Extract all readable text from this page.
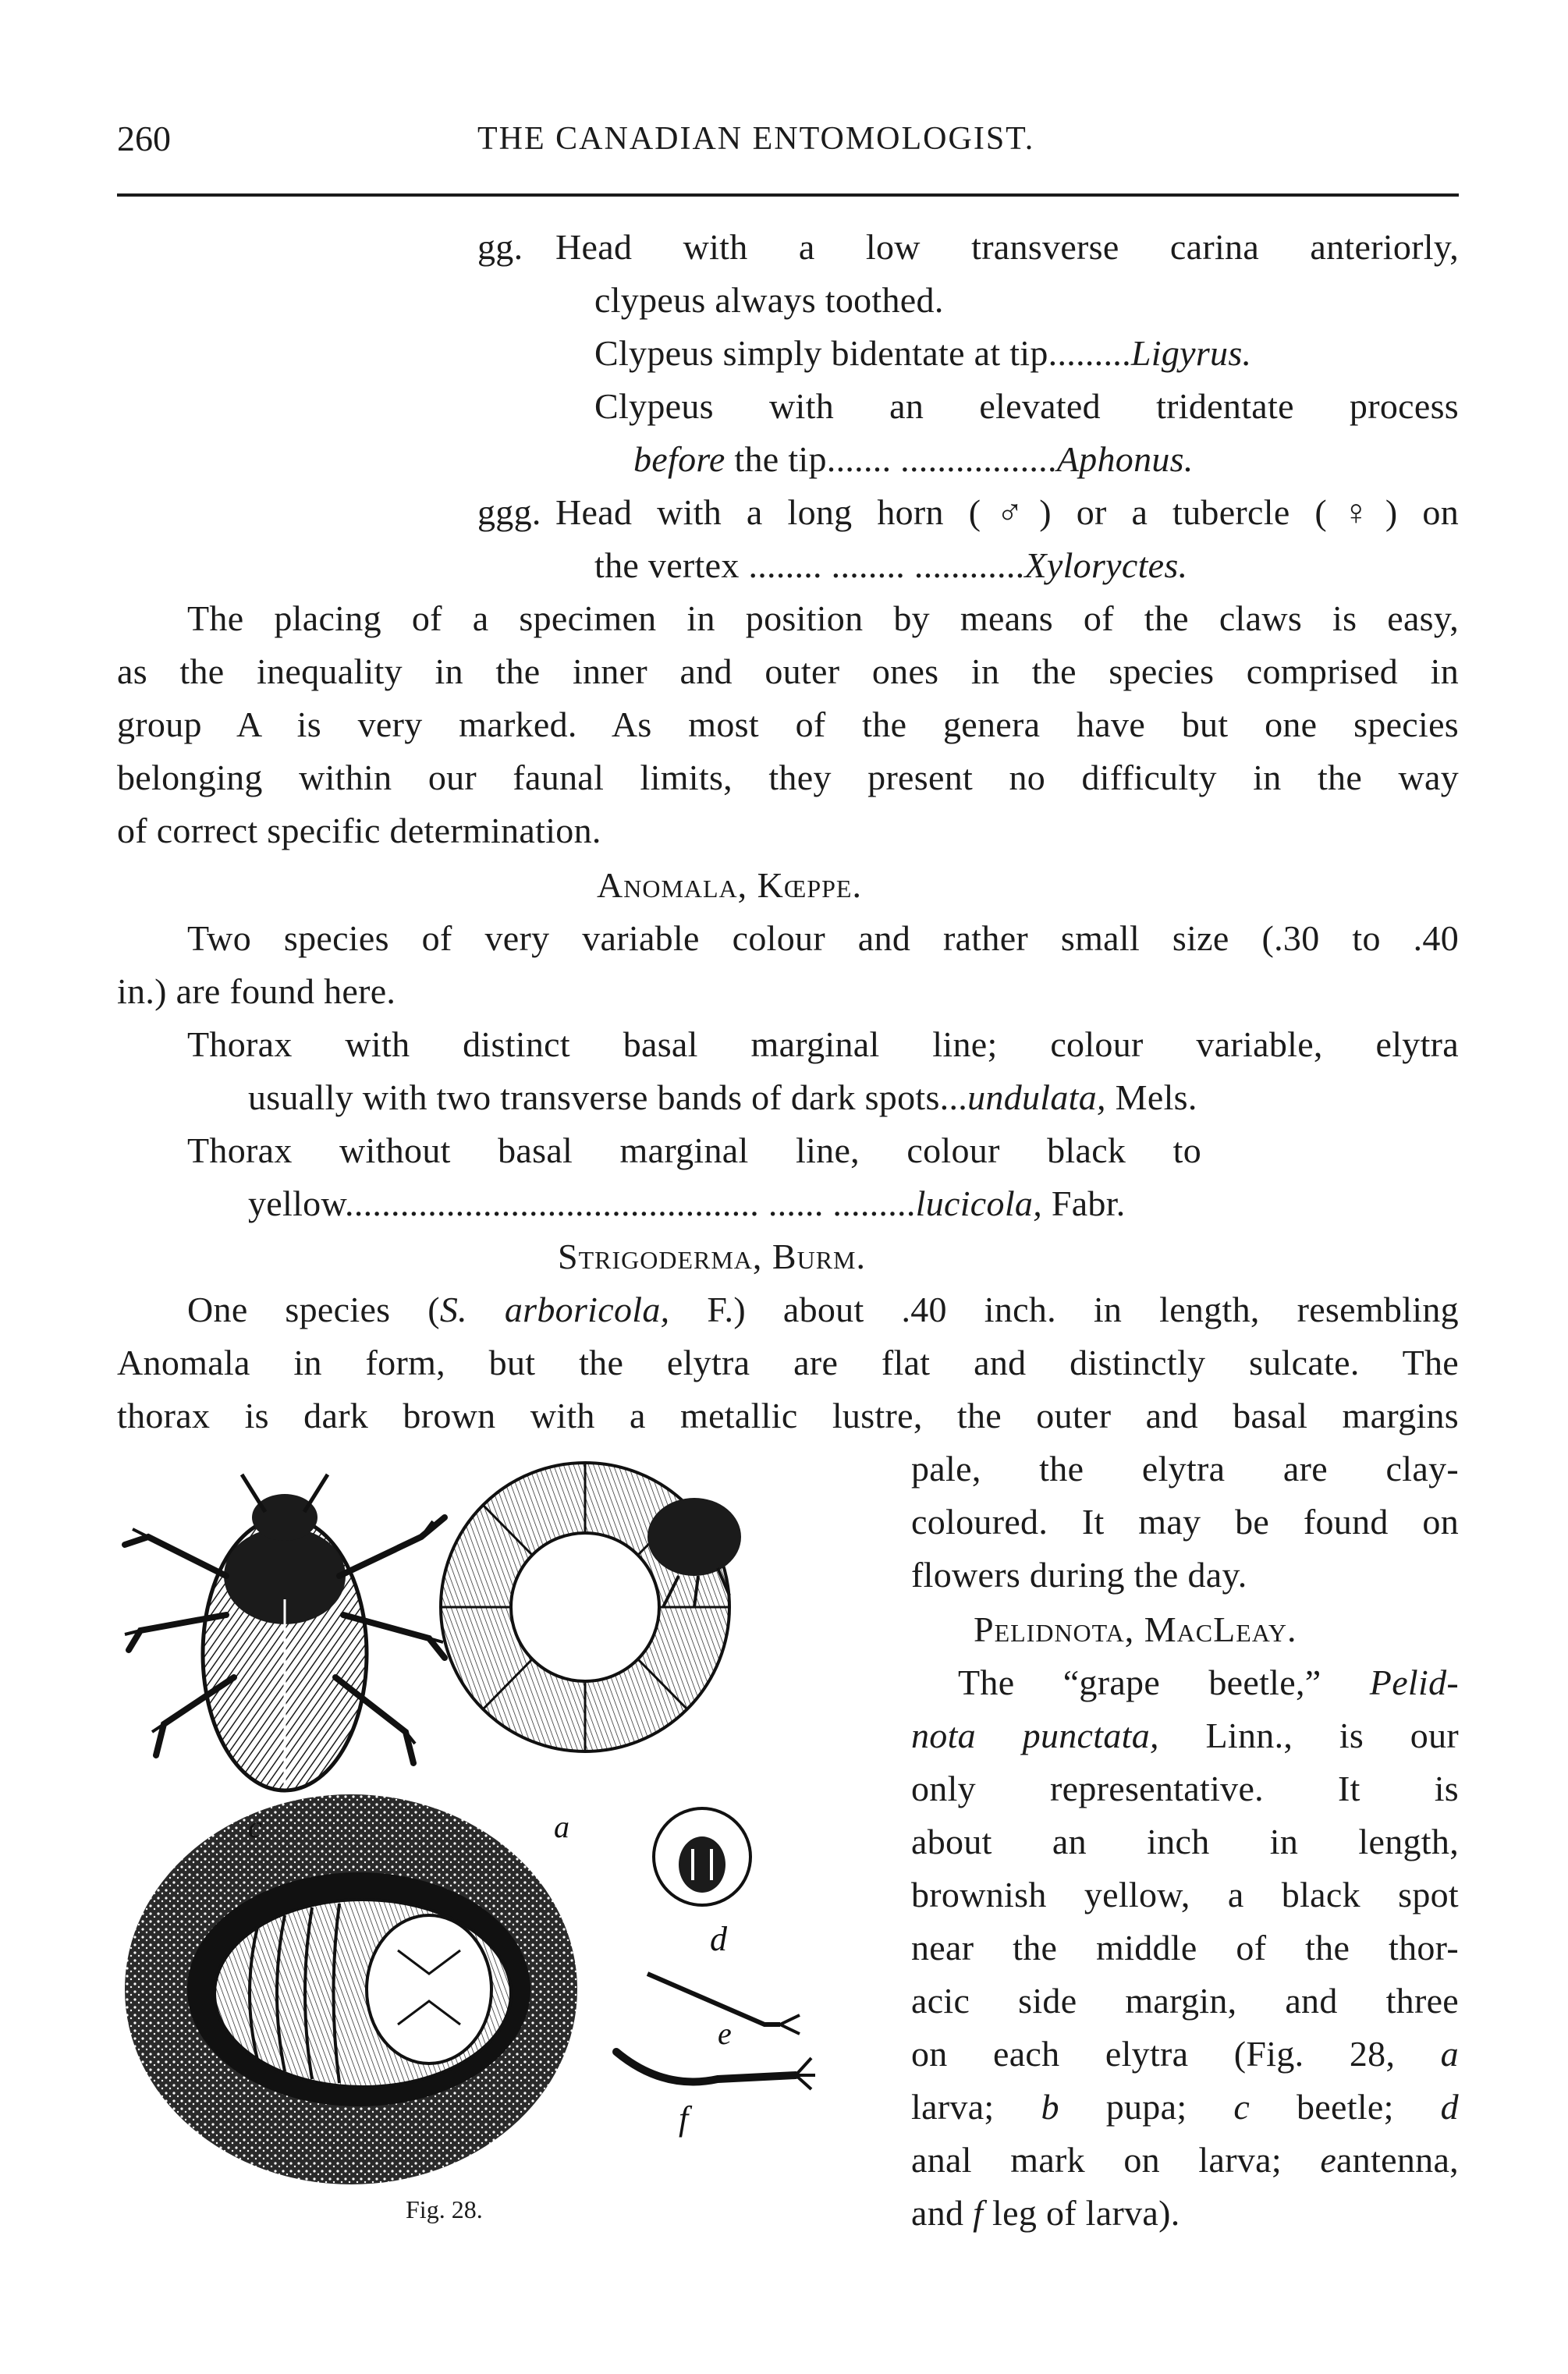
260	THE CANADIAN ENTOMOLOGIST.
gg. Head with a low transverse carina anteriorly,
clypeus always toothed.
Clypeus simply bidentate at tip.........Ligyrus.
Clypeus with an elevated tridentate process
before the tip....... .................Aphonus.
ggg. Head with a long horn (♂) or a tubercle (♀) on
the vertex ........ ........ ............Xyloryctes.
The placing of a specimen in position by means of the claws is easy,
as the inequality in the inner and outer ones in the species comprised in
group A is very marked. As most of the genera have but one species
belonging within our faunal limits, they present no difficulty in the way
of correct specific determination.
Anomala, Kœppe.
Two species of very variable colour and rather small size (.30 to .40
in.) are found here.
Thorax with distinct basal marginal line; colour variable, elytra
usually with two transverse bands of dark spots...undulata, Mels.
Thorax without basal marginal line, colour black to
yellow............................................. ...... .........lucicola, Fabr.
Strigoderma, Burm.
One species (S. arboricola, F.) about .40 inch. in length, resembling
Anomala in form, but the elytra are flat and distinctly sulcate. The
thorax is dark brown with a metallic lustre, the outer and basal margins
pale, the elytra are clay-
coloured. It may be found on
flowers during the day.
Pelidnota, MacLeay.
The “grape beetle,” Pelid-
nota punctata, Linn., is our
only representative. It is
about an inch in length,
brownish yellow, a black spot
near the middle of the thor-
acic side margin, and three
on each elytra (Fig. 28, a
larva; b pupa; c beetle; d
anal mark on larva; eantenna,
and f leg of larva).
c	a
d
e
f
Fig. 28.
